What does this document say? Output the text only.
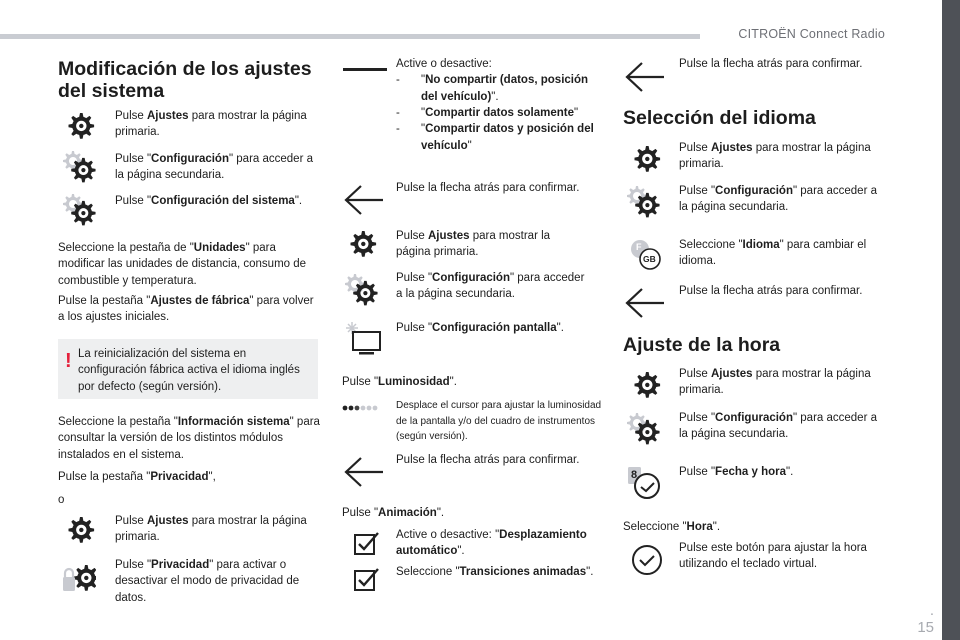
CITROËN Connect Radio
.
15
Modificación de los ajustes
del sistema
Pulse Ajustes para mostrar la página primaria.
Pulse "Configuración" para acceder a la página secundaria.
Pulse "Configuración del sistema".
Seleccione la pestaña de "Unidades" para modificar las unidades de distancia, consumo de combustible y temperatura.
Pulse la pestaña "Ajustes de fábrica" para volver a los ajustes iniciales.
! La reinicialización del sistema en configuración fábrica activa el idioma inglés por defecto (según versión).
Seleccione la pestaña "Información sistema" para consultar la versión de los distintos módulos instalados en el sistema.
Pulse la pestaña "Privacidad",
o
Pulse Ajustes para mostrar la página primaria.
Pulse "Privacidad" para activar o desactivar el modo de privacidad de datos.
Active o desactive:
- "No compartir (datos, posición del vehículo)".
- "Compartir datos solamente"
- "Compartir datos y posición del vehículo"
Pulse la flecha atrás para confirmar.
Pulse Ajustes para mostrar la página primaria.
Pulse "Configuración" para acceder a la página secundaria.
Pulse "Configuración pantalla".
Pulse "Luminosidad".
Desplace el cursor para ajustar la luminosidad de la pantalla y/o del cuadro de instrumentos (según versión).
Pulse la flecha atrás para confirmar.
Pulse "Animación".
Active o desactive: "Desplazamiento automático".
Seleccione "Transiciones animadas".
Pulse la flecha atrás para confirmar.
Selección del idioma
Pulse Ajustes para mostrar la página primaria.
Pulse "Configuración" para acceder a la página secundaria.
F
GB
Seleccione "Idioma" para cambiar el idioma.
Pulse la flecha atrás para confirmar.
Ajuste de la hora
Pulse Ajustes para mostrar la página primaria.
Pulse "Configuración" para acceder a la página secundaria.
8	Pulse "Fecha y hora".
Seleccione "Hora".
Pulse este botón para ajustar la hora utilizando el teclado virtual.
